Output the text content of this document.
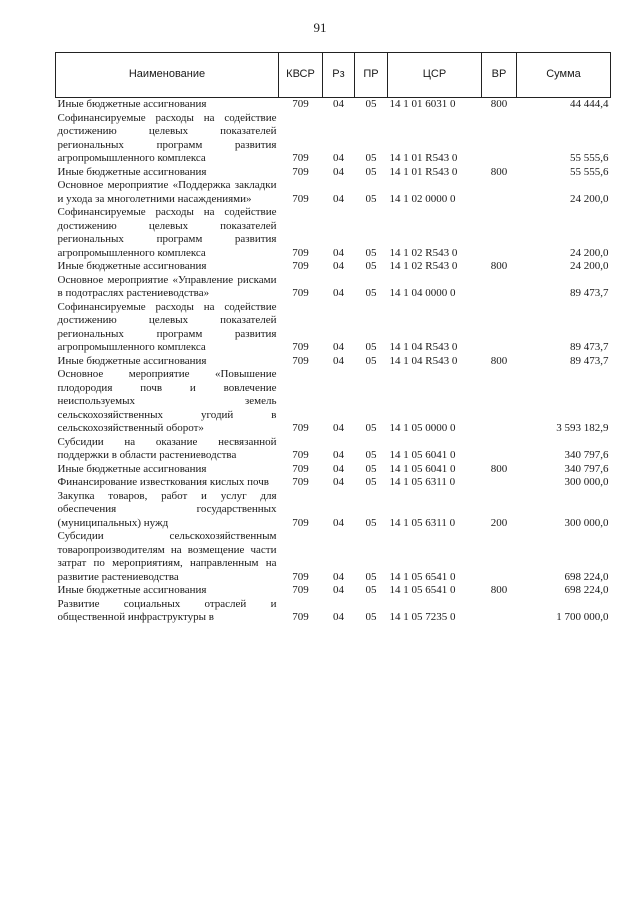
91
Наименование	КВСР	Рз	ПР	ЦСР	ВР	Сумма
Иные бюджетные ассигнования	709	04	05	14 1 01 6031 0	800	44 444,4
Софинансируемые расходы на содействие достижению целевых показателей региональных программ развития агропромышленного комплекса	709	04	05	14 1 01 R543 0		55 555,6
Иные бюджетные ассигнования	709	04	05	14 1 01 R543 0	800	55 555,6
Основное мероприятие «Поддержка закладки и ухода за многолетними насаждениями»	709	04	05	14 1 02 0000 0		24 200,0
Софинансируемые расходы на содействие достижению целевых показателей региональных программ развития агропромышленного комплекса	709	04	05	14 1 02 R543 0		24 200,0
Иные бюджетные ассигнования	709	04	05	14 1 02 R543 0	800	24 200,0
Основное мероприятие «Управление рисками в подотраслях растениеводства»	709	04	05	14 1 04 0000 0		89 473,7
Софинансируемые расходы на содействие достижению целевых показателей региональных программ развития агропромышленного комплекса	709	04	05	14 1 04 R543 0		89 473,7
Иные бюджетные ассигнования	709	04	05	14 1 04 R543 0	800	89 473,7
Основное мероприятие «Повышение плодородия почв и вовлечение неиспользуемых земель сельскохозяйственных угодий в сельскохозяйственный оборот»	709	04	05	14 1 05 0000 0		3 593 182,9
Субсидии на оказание несвязанной поддержки в области растениеводства	709	04	05	14 1 05 6041 0		340 797,6
Иные бюджетные ассигнования	709	04	05	14 1 05 6041 0	800	340 797,6
Финансирование известкования кислых почв	709	04	05	14 1 05 6311 0		300 000,0
Закупка товаров, работ и услуг для обеспечения государственных (муниципальных) нужд	709	04	05	14 1 05 6311 0	200	300 000,0
Субсидии сельскохозяйственным товаропроизводителям на возмещение части затрат по мероприятиям, направленным на развитие растениеводства	709	04	05	14 1 05 6541 0		698 224,0
Иные бюджетные ассигнования	709	04	05	14 1 05 6541 0	800	698 224,0
Развитие социальных отраслей и общественной инфраструктуры в	709	04	05	14 1 05 7235 0		1 700 000,0
